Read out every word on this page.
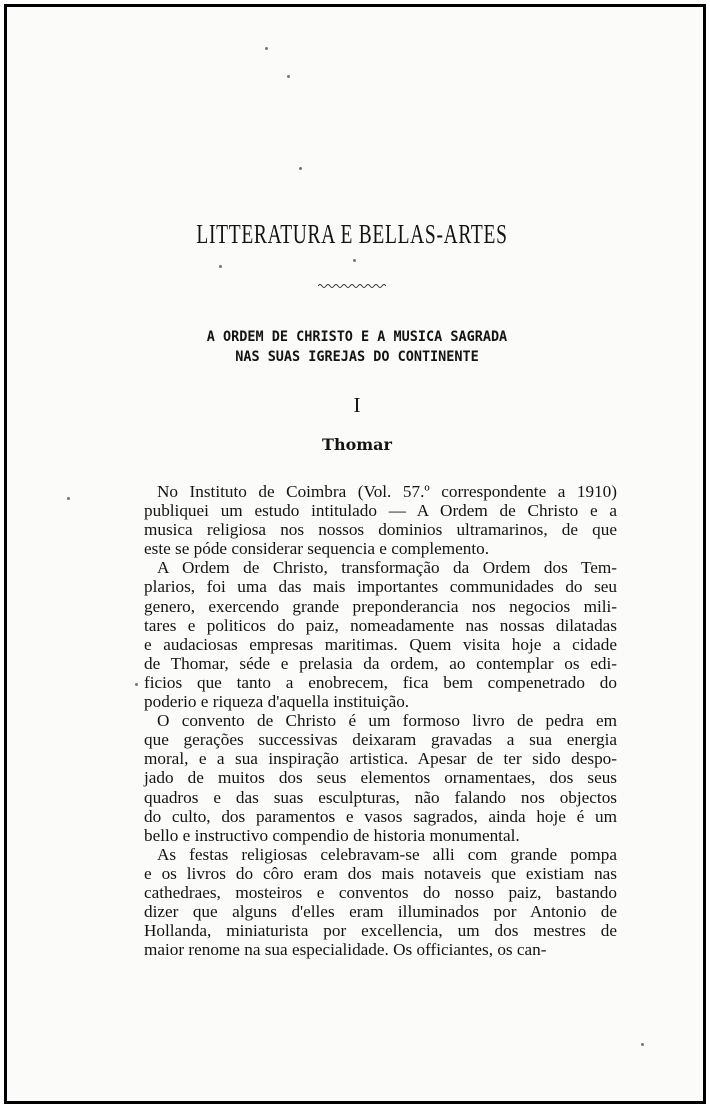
LITTERATURA E BELLAS-ARTES
A ORDEM DE CHRISTO E A MUSICA SAGRADA
NAS SUAS IGREJAS DO CONTINENTE
I
Thomar
No Instituto de Coimbra (Vol. 57.º correspondente a 1910)
publiquei um estudo intitulado — A Ordem de Christo e a
musica religiosa nos nossos dominios ultramarinos, de que
este se póde considerar sequencia e complemento.
A Ordem de Christo, transformação da Ordem dos Tem-
plarios, foi uma das mais importantes communidades do seu
genero, exercendo grande preponderancia nos negocios mili-
tares e politicos do paiz, nomeadamente nas nossas dilatadas
e audaciosas empresas maritimas. Quem visita hoje a cidade
de Thomar, séde e prelasia da ordem, ao contemplar os edi-
ficios que tanto a enobrecem, fica bem compenetrado do
poderio e riqueza d'aquella instituição.
O convento de Christo é um formoso livro de pedra em
que gerações successivas deixaram gravadas a sua energia
moral, e a sua inspiração artistica. Apesar de ter sido despo-
jado de muitos dos seus elementos ornamentaes, dos seus
quadros e das suas esculpturas, não falando nos objectos
do culto, dos paramentos e vasos sagrados, ainda hoje é um
bello e instructivo compendio de historia monumental.
As festas religiosas celebravam-se alli com grande pompa
e os livros do côro eram dos mais notaveis que existiam nas
cathedraes, mosteiros e conventos do nosso paiz, bastando
dizer que alguns d'elles eram illuminados por Antonio de
Hollanda, miniaturista por excellencia, um dos mestres de
maior renome na sua especialidade. Os officiantes, os can-
